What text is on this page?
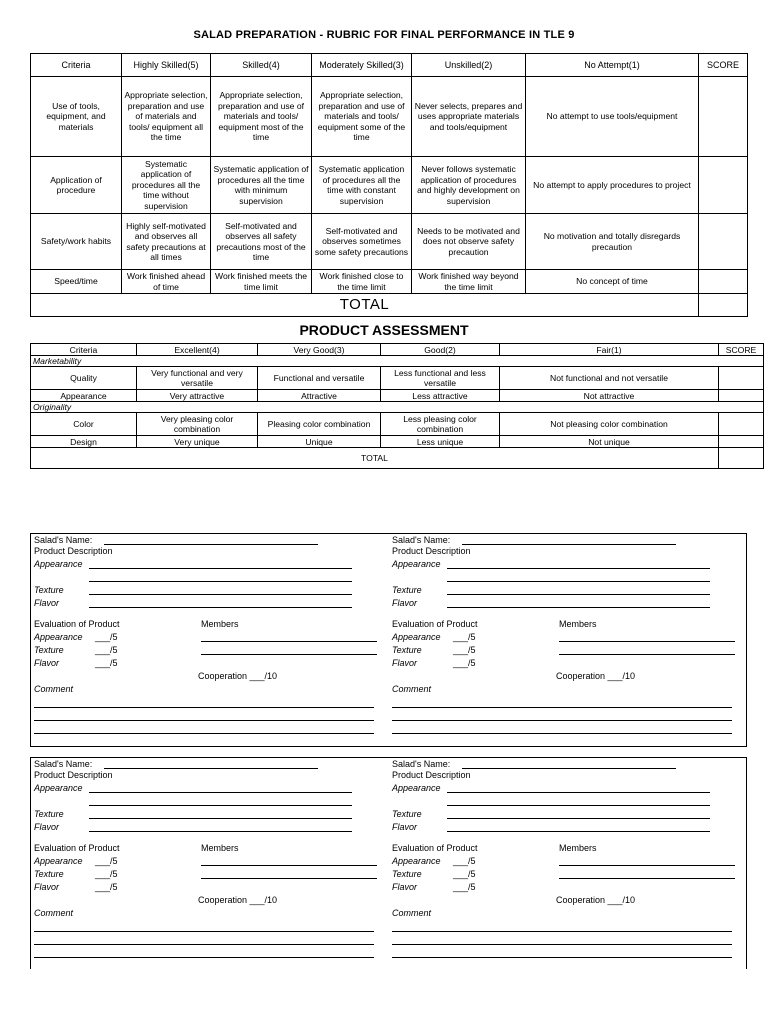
SALAD PREPARATION - RUBRIC FOR FINAL PERFORMANCE IN TLE 9
Criteria	Highly Skilled(5)	Skilled(4)	Moderately Skilled(3)	Unskilled(2)	No Attempt(1)	SCORE
Use of tools, equipment, and materials	Appropriate selection, preparation and use of materials and tools/ equipment all the time	Appropriate selection, preparation and use of materials and tools/ equipment most of the time	Appropriate selection, preparation and use of materials and tools/ equipment some of the time	Never selects, prepares and uses appropriate materials and tools/equipment	No attempt to use tools/equipment	
Application of procedure	Systematic application of procedures all the time without supervision	Systematic application of procedures all the time with minimum supervision	Systematic application of procedures all the time with constant supervision	Never follows systematic application of procedures and highly development on supervision	No attempt to apply procedures to project	
Safety/work habits	Highly self-motivated and observes all safety precautions at all times	Self-motivated and observes all safety precautions most of the time	Self-motivated and observes sometimes some safety precautions	Needs to be motivated and does not observe safety precaution	No motivation and totally disregards precaution	
Speed/time	Work finished ahead of time	Work finished meets the time limit	Work finished close to the time limit	Work finished way beyond the time limit	No concept of time	
TOTAL						
PRODUCT ASSESSMENT
Criteria	Excellent(4)	Very Good(3)	Good(2)	Fair(1)	SCORE
Marketability					
Quality	Very functional and very versatile	Functional and versatile	Less functional and less versatile	Not functional and not versatile	
Appearance	Very attractive	Attractive	Less attractive	Not attractive	
Originality					
Color	Very pleasing color combination	Pleasing color combination	Less pleasing color combination	Not pleasing color combination	
Design	Very unique	Unique	Less unique	Not unique	
TOTAL					
Salad's Name:
Product Description
Appearance
Texture
Flavor
Evaluation of Product	Members
Appearance ___/5
Texture	___/5
Flavor	___/5
Cooperation ___/10
Comment
Salad's Name:
Product Description
Appearance
Texture
Flavor
Evaluation of Product	Members
Appearance ___/5
Texture	___/5
Flavor	___/5
Cooperation ___/10
Comment
Salad's Name:
Product Description
Appearance
Texture
Flavor
Evaluation of Product	Members
Appearance ___/5
Texture	___/5
Flavor	___/5
Cooperation ___/10
Comment
Salad's Name:
Product Description
Appearance
Texture
Flavor
Evaluation of Product	Members
Appearance ___/5
Texture	___/5
Flavor	___/5
Cooperation ___/10
Comment
